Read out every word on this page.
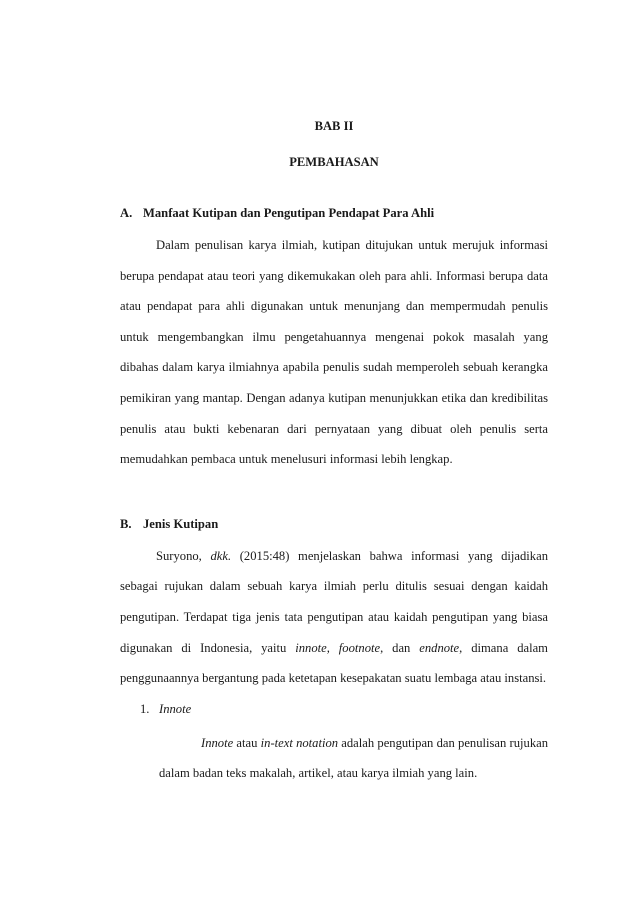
BAB II
PEMBAHASAN
A. Manfaat Kutipan dan Pengutipan Pendapat Para Ahli

Dalam penulisan karya ilmiah, kutipan ditujukan untuk merujuk informasi berupa pendapat atau teori yang dikemukakan oleh para ahli. Informasi berupa data atau pendapat para ahli digunakan untuk menunjang dan mempermudah penulis untuk mengembangkan ilmu pengetahuannya mengenai pokok masalah yang dibahas dalam karya ilmiahnya apabila penulis sudah memperoleh sebuah kerangka pemikiran yang mantap. Dengan adanya kutipan menunjukkan etika dan kredibilitas penulis atau bukti kebenaran dari pernyataan yang dibuat oleh penulis serta memudahkan pembaca untuk menelusuri informasi lebih lengkap.

B. Jenis Kutipan

Suryono, dkk. (2015:48) menjelaskan bahwa informasi yang dijadikan sebagai rujukan dalam sebuah karya ilmiah perlu ditulis sesuai dengan kaidah pengutipan. Terdapat tiga jenis tata pengutipan atau kaidah pengutipan yang biasa digunakan di Indonesia, yaitu innote, footnote, dan endnote, dimana dalam penggunaannya bergantung pada ketetapan kesepakatan suatu lembaga atau instansi.

1. Innote

Innote atau in-text notation adalah pengutipan dan penulisan rujukan dalam badan teks makalah, artikel, atau karya ilmiah yang lain.
